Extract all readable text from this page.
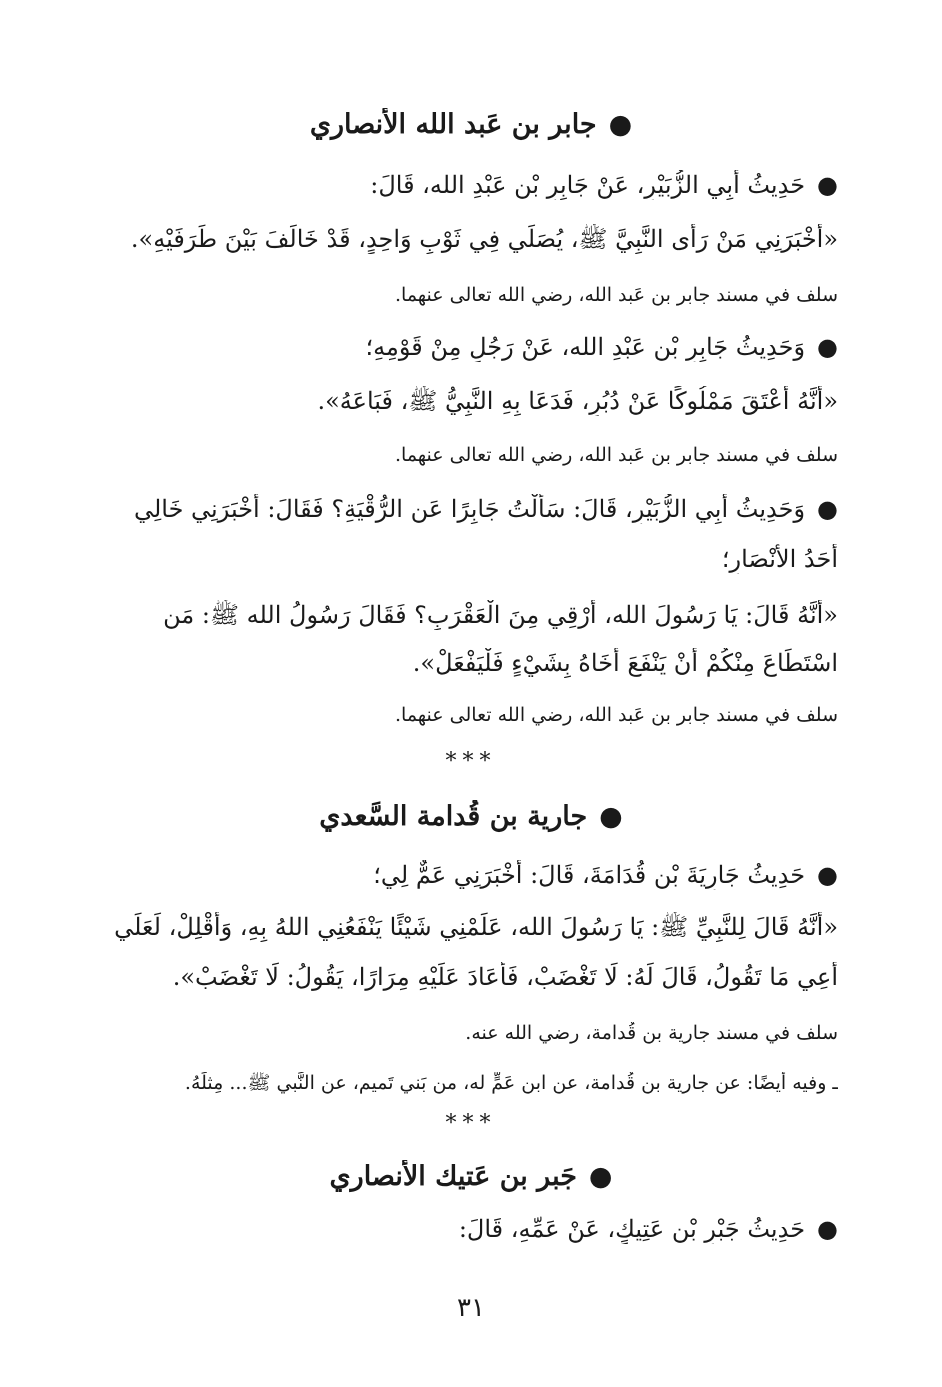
●جابر بن عَبد الله الأنصاري
●حَدِيثُ أَبِي الزُّبَيْرِ، عَنْ جَابِرِ بْنِ عَبْدِ الله، قَالَ:
«أَخْبَرَنِي مَنْ رَأَى النَّبِيَّ ﷺ، يُصَلِّي فِي ثَوْبٍ وَاحِدٍ، قَدْ خَالَفَ بَيْنَ طَرَفَيْهِ».
سلف في مسند جابر بن عَبد الله، رضي الله تعالى عنهما.
●وَحَدِيثُ جَابِرِ بْنِ عَبْدِ الله، عَنْ رَجُلٍ مِنْ قَوْمِهِ؛
«أَنَّهُ أَعْتَقَ مَمْلُوكًا عَنْ دُبُرٍ، فَدَعَا بِهِ النَّبِيُّ ﷺ، فَبَاعَهُ».
سلف في مسند جابر بن عَبد الله، رضي الله تعالى عنهما.
●وَحَدِيثُ أَبِي الزُّبَيْرِ، قَالَ: سَأَلْتُ جَابِرًا عَنِ الرُّقْيَةِ؟ فَقَالَ: أَخْبَرَنِي خَالِي
أَحَدُ الأَنْصَارِ؛
«أَنَّهُ قَالَ: يَا رَسُولَ الله، أَرْقِي مِنَ الْعَقْرَبِ؟ فَقَالَ رَسُولُ الله ﷺ: مَنِ
اسْتَطَاعَ مِنْكُمْ أَنْ يَنْفَعَ أَخَاهُ بِشَيْءٍ فَلْيَفْعَلْ».
سلف في مسند جابر بن عَبد الله، رضي الله تعالى عنهما.
***
●جارية بن قُدامة السَّعدي
●حَدِيثُ جَارِيَةَ بْنِ قُدَامَةَ، قَالَ: أَخْبَرَنِي عَمٌّ لِي؛
«أَنَّهُ قَالَ لِلنَّبِيِّ ﷺ: يَا رَسُولَ الله، عَلِّمْنِي شَيْئًا يَنْفَعُنِي اللهُ بِهِ، وَأَقْلِلْ، لَعَلِّي
أَعِي مَا تَقُولُ، قَالَ لَهُ: لَا تَغْضَبْ، فَأَعَادَ عَلَيْهِ مِرَارًا، يَقُولُ: لَا تَغْضَبْ».
سلف في مسند جارية بن قُدامة، رضي الله عنه.
ـ وفيه أيضًا: عن جارية بن قُدامة، عن ابن عَمٍّ له، من بَني تَميم، عن النَّبي ﷺ... مِثلَهُ.
***
●جَبر بن عَتيك الأنصاري
●حَدِيثُ جَبْرِ بْنِ عَتِيكٍ، عَنْ عَمِّهِ، قَالَ:
٣١
